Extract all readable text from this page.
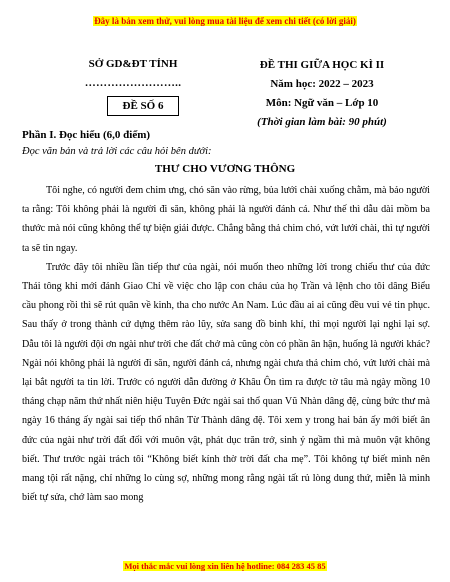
Đây là bản xem thử, vui lòng mua tài liệu để xem chi tiết (có lời giải)
SỞ GD&ĐT TỈNH
……………………..
ĐỀ SỐ 6
ĐỀ THI GIỮA HỌC KÌ II
Năm học: 2022 – 2023
Môn: Ngữ văn – Lớp 10
(Thời gian làm bài: 90 phút)
Phần I. Đọc hiểu (6,0 điểm)
Đọc văn bản và trả lời các câu hỏi bên dưới:
THƯ CHO VƯƠNG THÔNG

Tôi nghe, có người đem chim ưng, chó săn vào rừng, bủa lưới chài xuống chằm, mà bảo người ta rằng: Tôi không phải là người đi săn, không phải là người đánh cá. Như thế thì dẫu dài mồm ba thước mà nói cũng không thể tự biện giải được. Chẳng bằng thả chim chó, vứt lưới chài, thì tự người ta sẽ tin ngay.

Trước đây tôi nhiều lần tiếp thư của ngài, nói muốn theo những lời trong chiếu thư của đức Thái tông khi mới đánh Giao Chỉ về việc cho lập con cháu của họ Trần và lệnh cho tôi dâng Biểu cầu phong rồi thì sẽ rút quân về kinh, tha cho nước An Nam. Lúc đầu ai ai cũng đều vui vẻ tin phục. Sau thấy ở trong thành cứ dựng thêm rào lũy, sửa sang đồ binh khí, thì mọi người lại nghi lại sợ. Dẫu tôi là người đội ơn ngài như trời che đất chở mà cũng còn có phần ân hận, huống là người khác? Ngài nói không phải là người đi săn, người đánh cá, nhưng ngài chưa thả chim chó, vứt lưới chài mà lại bắt người ta tin lời. Trước có người dẫn đường ở Khâu Ôn tìm ra được tờ tâu mà ngày mồng 10 tháng chạp năm thứ nhất niên hiệu Tuyên Đức ngài sai thổ quan Vũ Nhàn dâng đệ, cùng bức thư mà ngày 16 tháng ấy ngài sai tiếp thổ nhân Từ Thành dâng đệ. Tôi xem y trong hai bản ấy mới biết ân đức của ngài như trời đất đối với muôn vật, phát dục trăn trở, sinh ý ngầm thì mà muôn vật không biết. Thư trước ngài trách tôi “Không biết kính thờ trời đất cha mẹ”. Tôi không tự biết mình nên mang tội rất nặng, chỉ những lo cùng sợ, những mong rằng ngài tất rủ lòng dung thứ, miễn là mình biết tự sửa, chớ làm sao mong

Mọi thắc mắc vui lòng xin liên hệ hotline: 084 283 45 85
